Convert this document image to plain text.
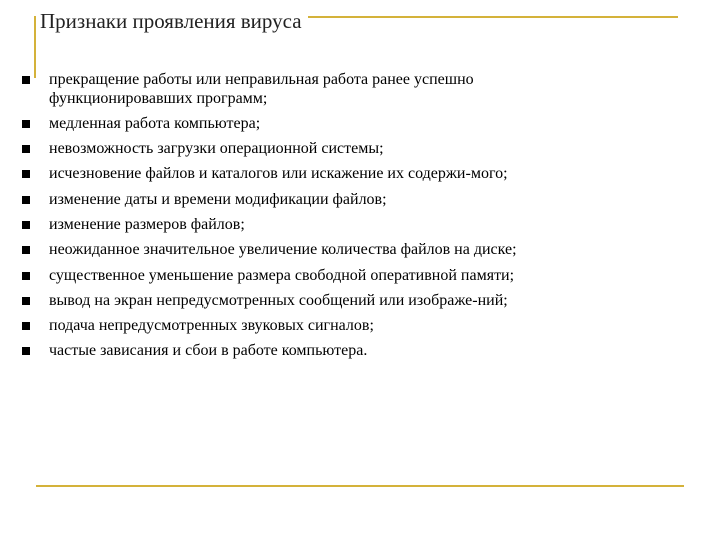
Признаки проявления вируса
прекращение работы или неправильная работа ранее успешно
функционировавших программ;
медленная работа компьютера;
невозможность загрузки операционной системы;
исчезновение файлов и каталогов или искажение их содержи-мого;
изменение даты и времени модификации файлов;
изменение размеров файлов;
неожиданное значительное увеличение количества файлов на диске;
существенное уменьшение размера свободной оперативной памяти;
вывод на экран непредусмотренных сообщений или изображе-ний;
подача непредусмотренных звуковых сигналов;
частые зависания и сбои в работе компьютера.
